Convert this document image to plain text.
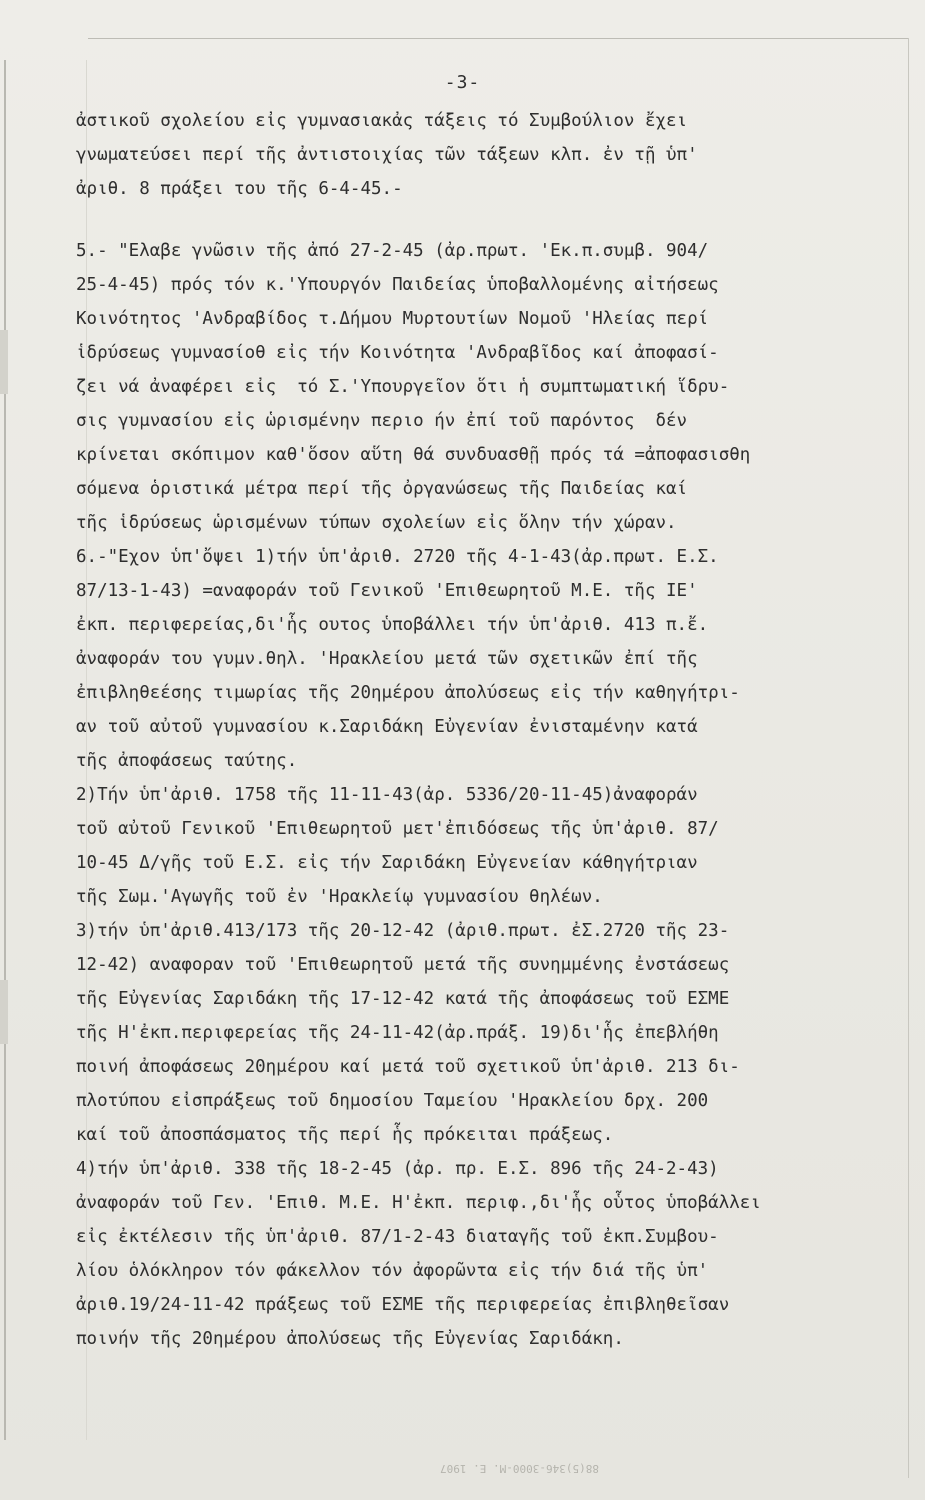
-3-
ἀστικοῦ σχολείου εἰς γυμνασιακἀς τάξεις τό Συμβούλιον ἔχει
γνωματεύσει περί τῆς ἀντιστοιχίας τῶν τάξεων κλπ. ἐν τῇ ὑπ'
ἀριθ. 8 πράξει του τῆς 6-4-45.-
5.- "Ελαβε γνῶσιν τῆς ἀπό 27-2-45 (ἀρ.πρωτ. 'Εκ.π.συμβ. 904/
25-4-45) πρός τόν κ.'Υπουργόν Παιδείας ὑποβαλλομένης αἰτήσεως
Κοινότητος 'Ανδραβίδος τ.Δήμου Μυρτουτίων Νομοῦ 'Ηλείας περί
ἱδρύσεως γυμνασίοθ εἰς τήν Κοινότητα 'Ανδραβῖδος καί ἀποφασί-
ζει νά ἀναφέρει εἰς  τό Σ.'Υπουργεῖον ὅτι ἡ συμπτωματική ἵδρυ-
σις γυμνασίου εἰς ὡρισμένην περιο ήν ἐπί τοῦ παρόντος  δέν
κρίνεται σκόπιμον καθ'ὅσον αὕτη θά συνδυασθῇ πρός τά =ἀποφασισθη
σόμενα ὁριστικά μέτρα περί τῆς ὀργανώσεως τῆς Παιδείας καί
τῆς ἱδρύσεως ὡρισμένων τύπων σχολείων εἰς ὅλην τήν χώραν.
6.-"Εχον ὑπ'ὄψει 1)τήν ὑπ'ἀριθ. 2720 τῆς 4-1-43(ἀρ.πρωτ. Ε.Σ.
87/13-1-43) =αναφοράν τοῦ Γενικοῦ 'Επιθεωρητοῦ Μ.Ε. τῆς ΙΕ'
ἐκπ. περιφερείας,δι'ἧς ουτος ὑποβάλλει τήν ὑπ'ἀριθ. 413 π.ἔ.
ἀναφοράν του γυμν.θηλ. 'Ηρακλείου μετά τῶν σχετικῶν ἐπί τῆς
ἐπιβληθεέσης τιμωρίας τῆς 20ημέρου ἀπολύσεως εἰς τήν καθηγήτρι-
αν τοῦ αὐτοῦ γυμνασίου κ.Σαριδάκη Εὐγενίαν ἐνισταμένην κατά
τῆς ἀποφάσεως ταύτης.
2)Τήν ὑπ'ἀριθ. 1758 τῆς 11-11-43(ἀρ. 5336/20-11-45)ἀναφοράν
τοῦ αὐτοῦ Γενικοῦ 'Επιθεωρητοῦ μετ'ἐπιδόσεως τῆς ὑπ'ἀριθ. 87/
10-45 Δ/γῆς τοῦ Ε.Σ. εἰς τήν Σαριδάκη Εὐγενείαν κάθηγήτριαν
τῆς Σωμ.'Αγωγῆς τοῦ ἐν 'Ηρακλείῳ γυμνασίου θηλέων.
3)τήν ὑπ'ἀριθ.413/173 τῆς 20-12-42 (ἀριθ.πρωτ. ἐΣ.2720 τῆς 23-
12-42) αναφοραν τοῦ 'Επιθεωρητοῦ μετά τῆς συνημμένης ἐνστάσεως
τῆς Εὐγενίας Σαριδάκη τῆς 17-12-42 κατά τῆς ἀποφάσεως τοῦ ΕΣΜΕ
τῆς Η'ἐκπ.περιφερείας τῆς 24-11-42(ἀρ.πράξ. 19)δι'ἧς ἐπεβλήθη
ποινή ἀποφάσεως 20ημέρου καί μετά τοῦ σχετικοῦ ὑπ'ἀριθ. 213 δι-
πλοτύπου εἰσπράξεως τοῦ δημοσίου Ταμείου 'Ηρακλείου δρχ. 200
καί τοῦ ἀποσπάσματος τῆς περί ἧς πρόκειται πράξεως.
4)τήν ὑπ'ἀριθ. 338 τῆς 18-2-45 (ἀρ. πρ. Ε.Σ. 896 τῆς 24-2-43)
ἀναφοράν τοῦ Γεν. 'Επιθ. Μ.Ε. Η'ἐκπ. περιφ.,δι'ἧς οὗτος ὑποβάλλει
εἰς ἐκτέλεσιν τῆς ὑπ'ἀριθ. 87/1-2-43 διαταγῆς τοῦ ἐκπ.Συμβου-
λίου ὁλόκληρον τόν φάκελλον τόν ἀφορῶντα εἰς τήν διά τῆς ὑπ'
ἀριθ.19/24-11-42 πράξεως τοῦ ΕΣΜΕ τῆς περιφερείας ἐπιβληθεῖσαν
ποινήν τῆς 20ημέρου ἀπολύσεως τῆς Εὐγενίας Σαριδάκη.
88(5)346-3000-M. E. 1907
